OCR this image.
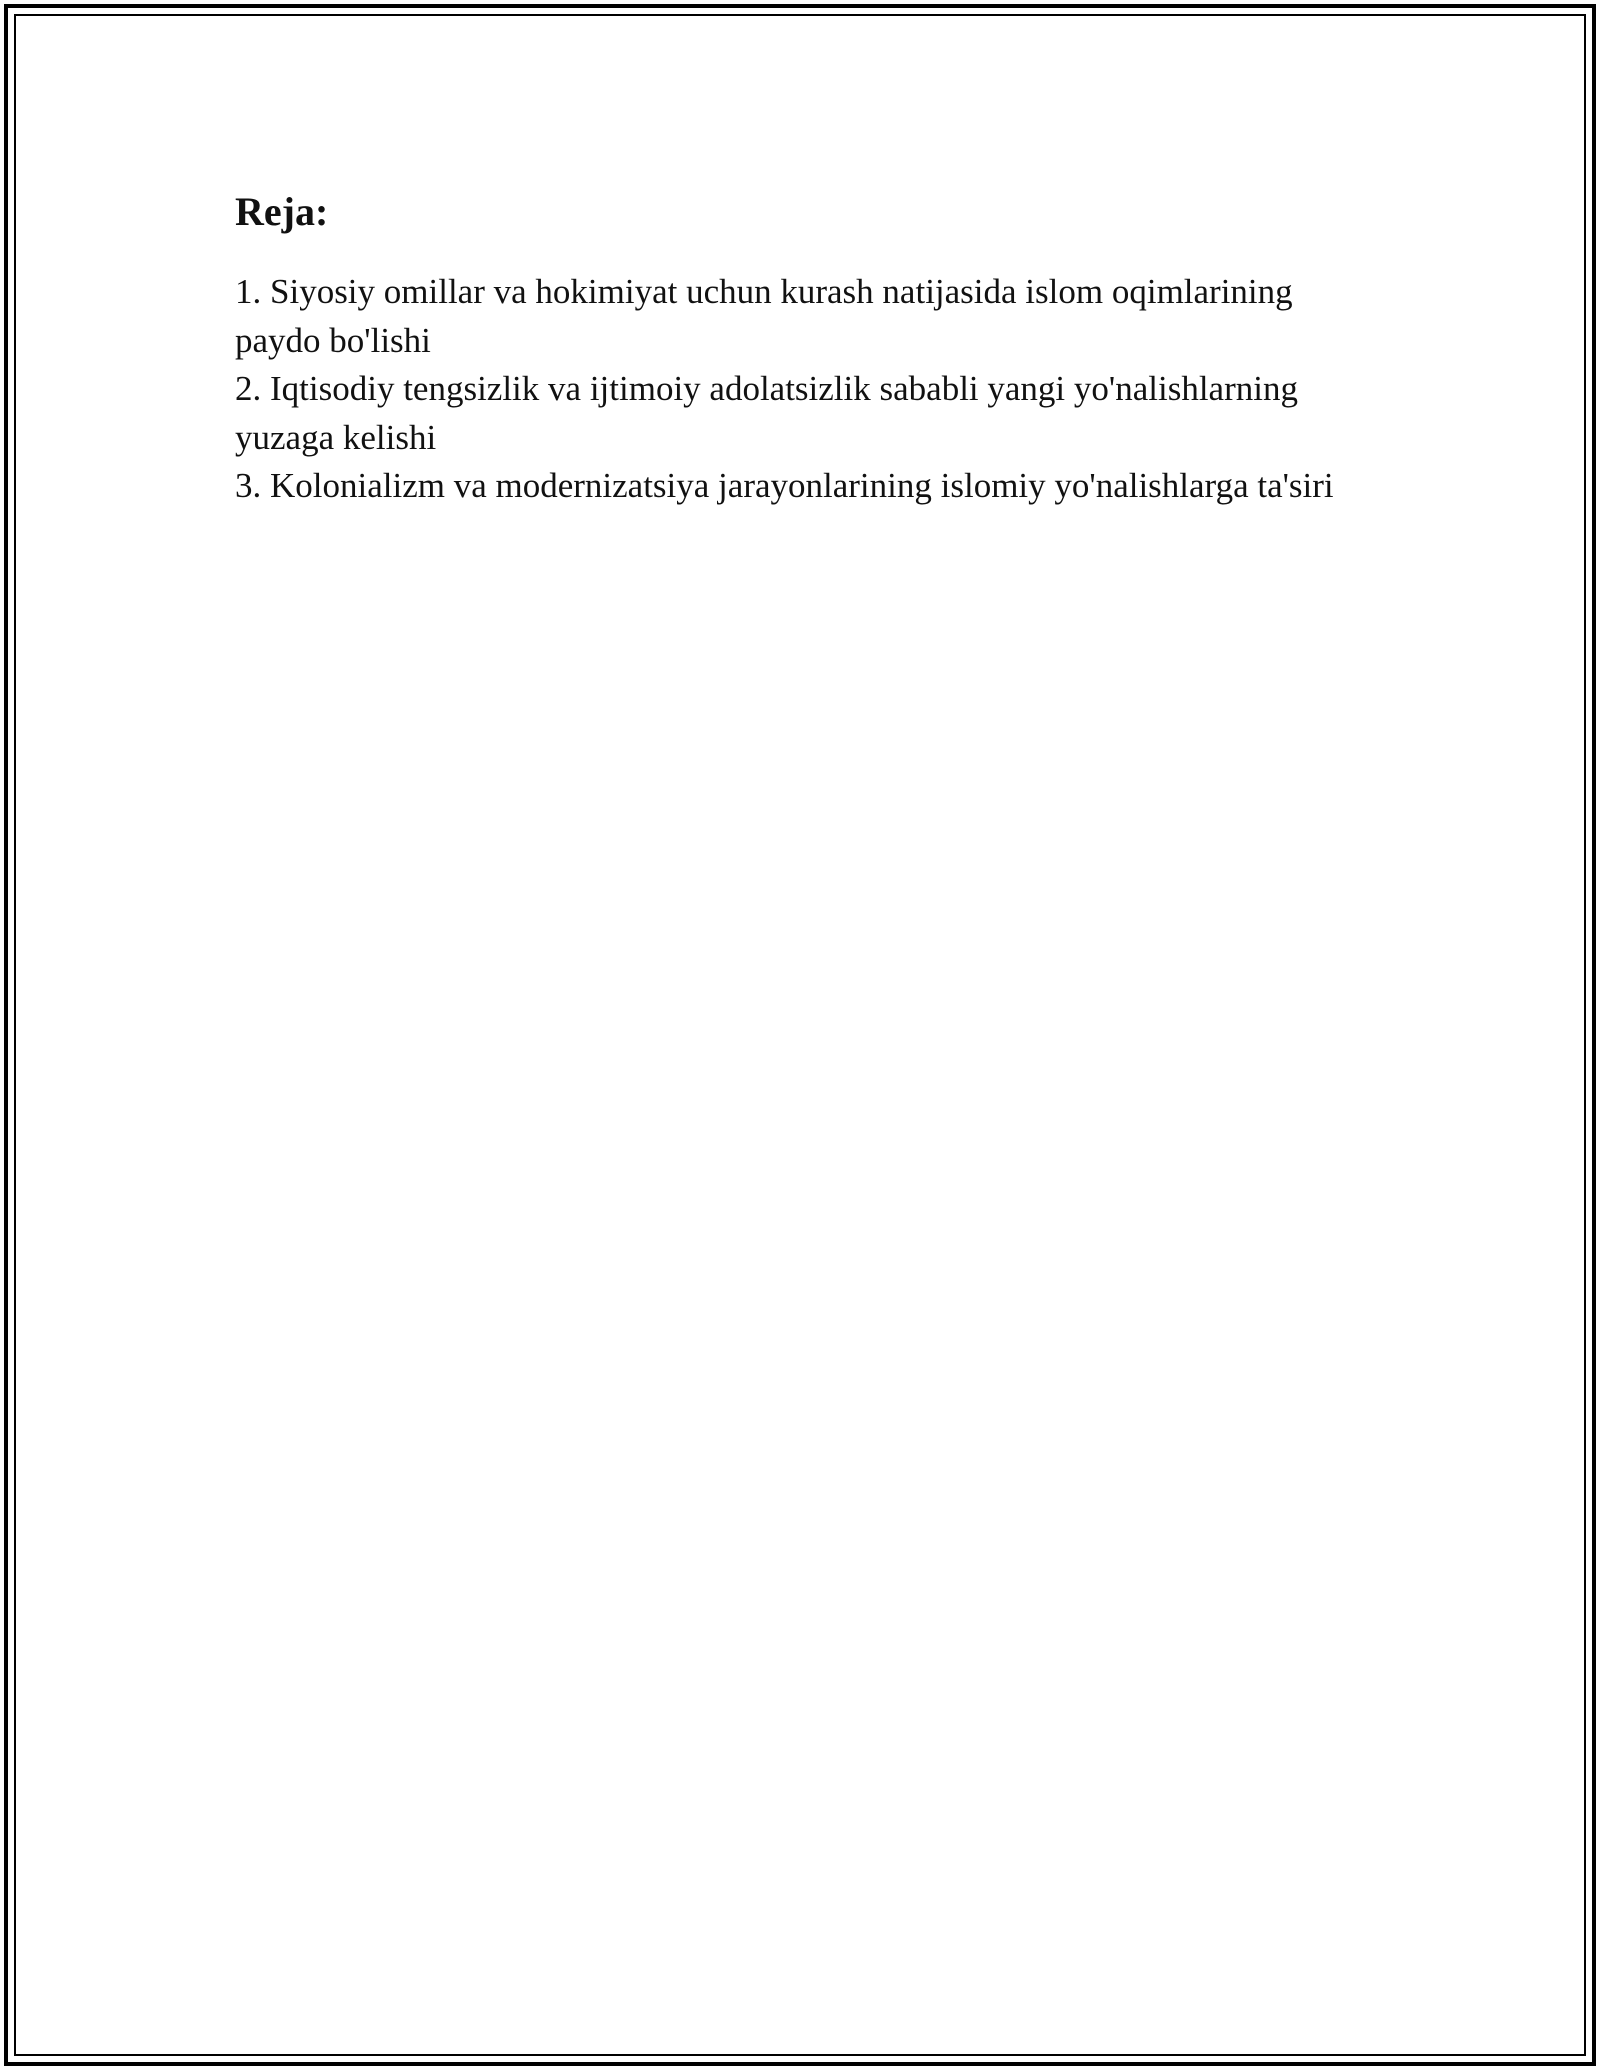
Reja:
1. Siyosiy omillar va hokimiyat uchun kurash natijasida islom oqimlarining paydo bo'lishi
2. Iqtisodiy tengsizlik va ijtimoiy adolatsizlik sababli yangi yo'nalishlarning yuzaga kelishi
3. Kolonializm va modernizatsiya jarayonlarining islomiy yo'nalishlarga ta'siri
